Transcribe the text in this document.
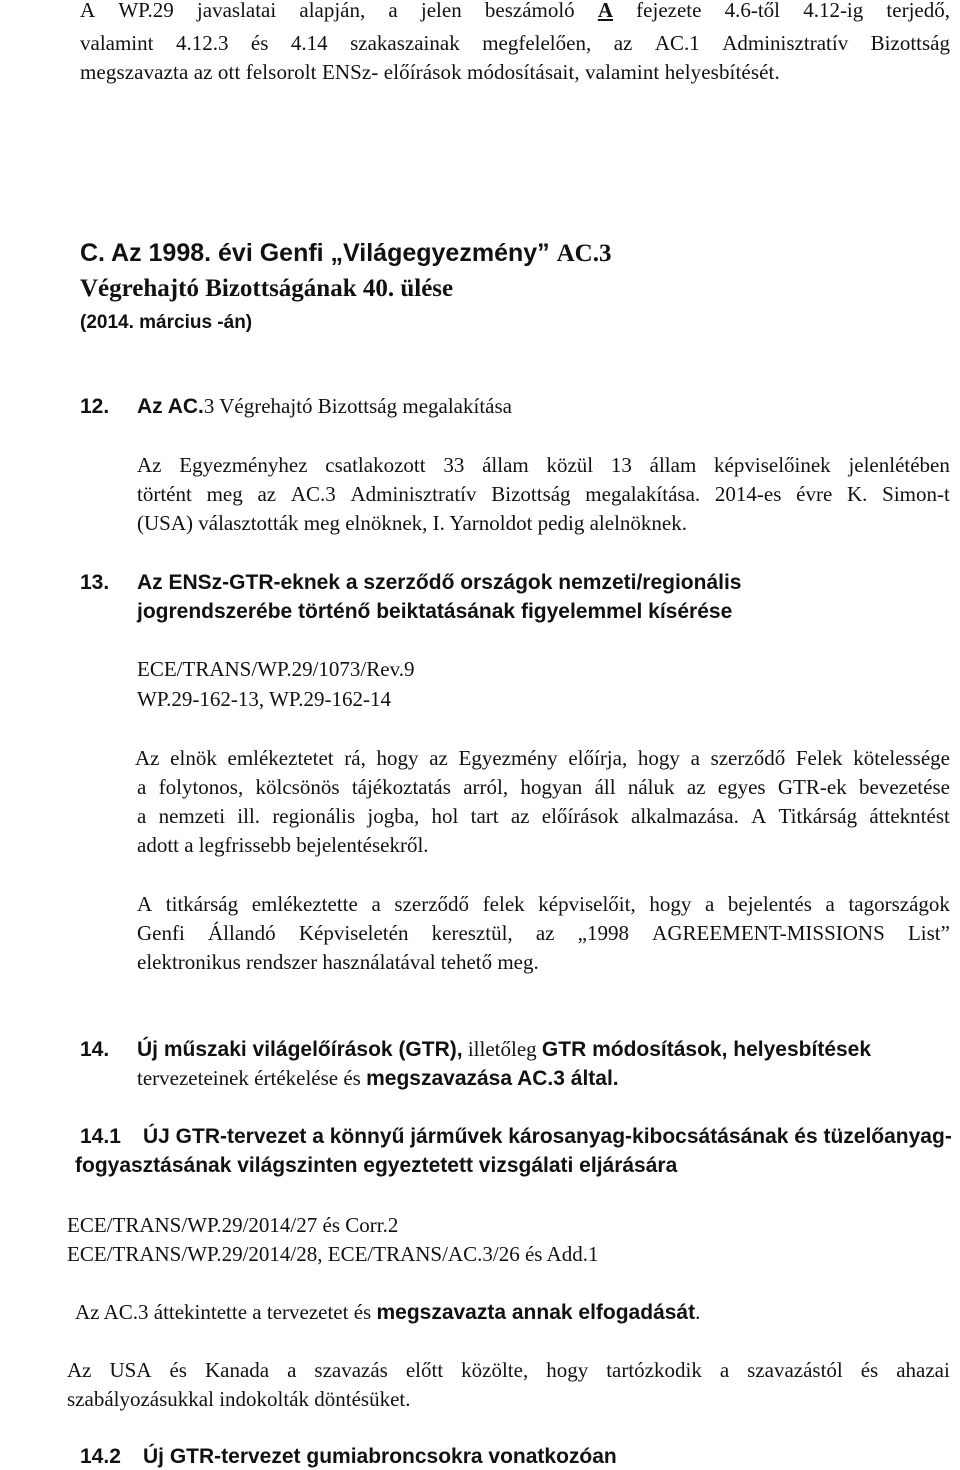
A WP.29 javaslatai alapján, a jelen beszámoló A fejezete 4.6-től 4.12-ig terjedő,
valamint 4.12.3 és 4.14 szakaszainak megfelelően, az AC.1 Adminisztratív Bizottság
megszavazta az ott felsorolt ENSz- előírások módosításait, valamint helyesbítését.
C. Az 1998. évi Genfi „Világegyezmény” AC.3
Végrehajtó Bizottságának 40. ülése
(2014. március -án)
12. Az AC.3 Végrehajtó Bizottság megalakítása
Az Egyezményhez csatlakozott 33 állam közül 13 állam képviselőinek jelenlétében
történt meg az AC.3 Adminisztratív Bizottság megalakítása. 2014-es évre K. Simon-t
(USA) választották meg elnöknek, I. Yarnoldot pedig alelnöknek.
13. Az ENSz-GTR-eknek a szerződő országok nemzeti/regionális
jogrendszerébe történő beiktatásának figyelemmel kísérése
ECE/TRANS/WP.29/1073/Rev.9
WP.29-162-13, WP.29-162-14
Az elnök emlékeztetet rá, hogy az Egyezmény előírja, hogy a szerződő Felek kötelessége
a folytonos, kölcsönös tájékoztatás arról, hogyan áll náluk az egyes GTR-ek bevezetése
a nemzeti ill. regionális jogba, hol tart az előírások alkalmazása. A Titkárság áttekntést
adott a legfrissebb bejelentésekről.
A titkárság emlékeztette a szerződő felek képviselőit, hogy a bejelentés a tagországok
Genfi Állandó Képviseletén keresztül, az „1998 AGREEMENT-MISSIONS List”
elektronikus rendszer használatával tehető meg.
14. Új műszaki világelőírások (GTR), illetőleg GTR módosítások, helyesbítések
tervezeteinek értékelése és megszavazása AC.3 által.
14.1 ÚJ GTR-tervezet a könnyű járművek károsanyag-kibocsátásának és tüzelőanyag-
fogyasztásának világszinten egyeztetett vizsgálati eljárására
ECE/TRANS/WP.29/2014/27 és Corr.2
ECE/TRANS/WP.29/2014/28, ECE/TRANS/AC.3/26 és Add.1
Az AC.3 áttekintette a tervezetet és megszavazta annak elfogadását.
Az USA és Kanada a szavazás előtt közölte, hogy tartózkodik a szavazástól és ahazai
szabályozásukkal indokolták döntésüket.
14.2 Új GTR-tervezet gumiabroncsokra vonatkozóan
